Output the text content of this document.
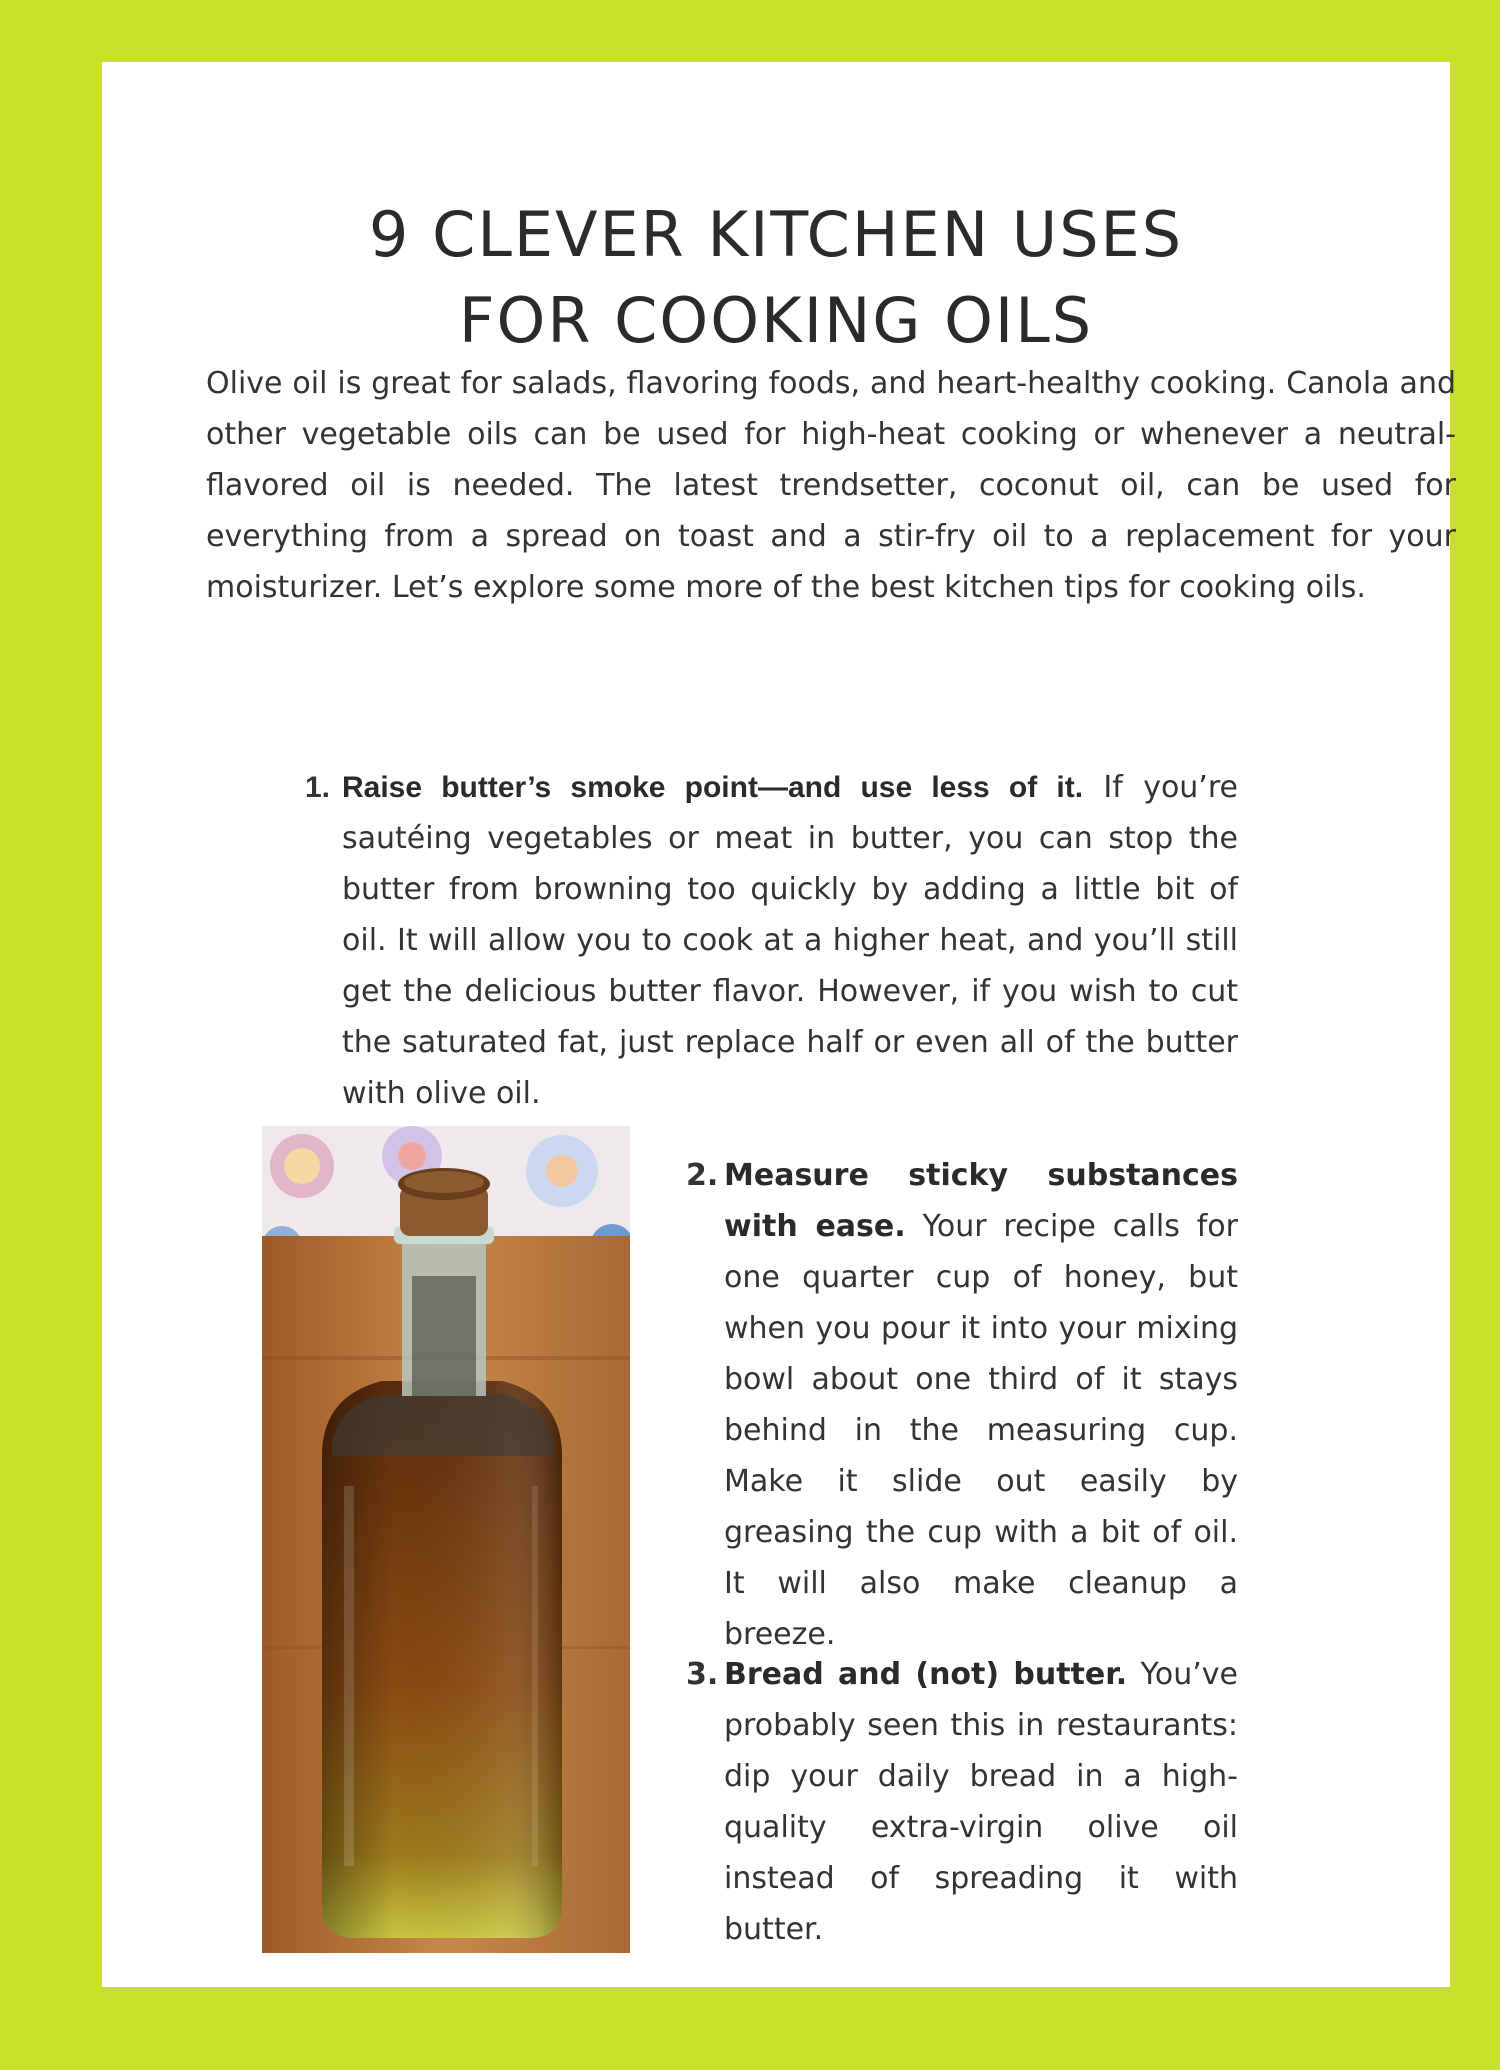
9 CLEVER KITCHEN USES
FOR COOKING OILS

Olive oil is great for salads, flavoring foods, and heart-healthy cooking. Canola and other vegetable oils can be used for high-heat cooking or whenever a neutral-flavored oil is needed. The latest trendsetter, coconut oil, can be used for everything from a spread on toast and a stir-fry oil to a replacement for your moisturizer. Let’s explore some more of the best kitchen tips for cooking oils.

1. Raise butter’s smoke point—and use less of it. If you’re sautéing vegetables or meat in butter, you can stop the butter from browning too quickly by adding a little bit of oil. It will allow you to cook at a higher heat, and you’ll still get the delicious butter flavor. However, if you wish to cut the saturated fat, just replace half or even all of the butter with olive oil.
2. Measure sticky substances with ease. Your recipe calls for one quarter cup of honey, but when you pour it into your mixing bowl about one third of it stays behind in the measuring cup. Make it slide out easily by greasing the cup with a bit of oil. It will also make cleanup a breeze.
3. Bread and (not) butter. You’ve probably seen this in restaurants: dip your daily bread in a high-quality extra-virgin olive oil instead of spreading it with butter.
